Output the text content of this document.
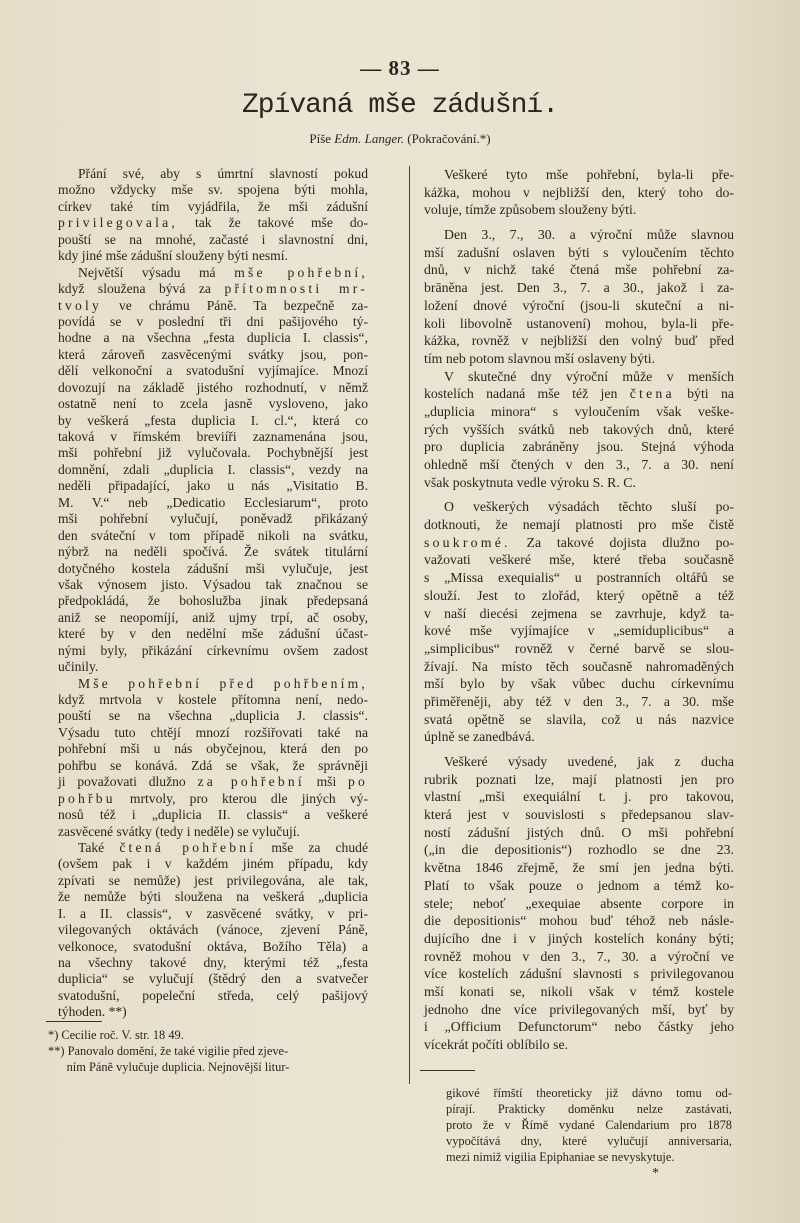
— 83 —
Zpívaná mše zádušní.
Píše Edm. Langer. (Pokračování.*)
Přání své, aby s úmrtní slavností pokud
možno vždycky mše sv. spojena býti mohla,
církev také tím vyjádřila, že mši zádušní
privilegovala, tak že takové mše do-
pouští se na mnohé, začasté i slavnostní dni,
kdy jiné mše zádušní slouženy býti nesmí.
Největší výsadu má mše pohřební,
když sloužena bývá za přítomnosti mr-
tvoly ve chrámu Páně. Ta bezpečně za-
povídá se v poslední tři dni pašijového tý-
hodne a na všechna „festa duplicia I. classis“,
která zároveň zasvěcenými svátky jsou, pon-
dělí velkonoční a svatodušní vyjímajíce. Mnozí
dovozují na základě jistého rozhodnutí, v němž
ostatně není to zcela jasně vysloveno, jako
by veškerá „festa duplicia I. cl.“, která co
taková v římském breviíři zaznamenána jsou,
mši pohřební již vylučovala. Pochybnější jest
domnění, zdali „duplicia I. classis“, vezdy na
neděli připadající, jako u nás „Visitatio B.
M. V.“ neb „Dedicatio Ecclesiarum“, proto
mši pohřební vylučují, poněvadž přikázaný
den sváteční v tom případě nikoli na svátku,
nýbrž na neděli spočívá. Že svátek titulární
dotyčného kostela zádušní mši vylučuje, jest
však výnosem jisto. Výsadou tak značnou se
předpokládá, že bohoslužba jinak předepsaná
aniž se neopomíjí, aniž ujmy trpí, ač osoby,
které by v den nedělní mše zádušní účast-
nými byly, přikázání církevnímu ovšem zadost
učinily.
Mše pohřební před pohřbením,
když mrtvola v kostele přítomna není, nedo-
pouští se na všechna „duplicia J. classis“.
Výsadu tuto chtějí mnozí rozšiřovati také na
pohřební mši u nás obyčejnou, která den po
pohřbu se konává. Zdá se však, že správněji
ji považovati dlužno za pohřební mši po
pohřbu mrtvoly, pro kterou dle jiných vý-
nosů též i „duplicia II. classis“ a veškeré
zasvěcené svátky (tedy i neděle) se vylučují.
Také čtená pohřební mše za chudé
(ovšem pak i v každém jiném případu, kdy
zpívati se nemůže) jest privilegována, ale tak,
že nemůže býti sloužena na veškerá „duplicia
I. a II. classis“, v zasvěcené svátky, v pri-
vilegovaných oktávách (vánoce, zjevení Páně,
velkonoce, svatodušní oktáva, Božího Těla) a
na všechny takové dny, kterými též „festa
duplicia“ se vylučují (štědrý den a svatvečer
svatodušní, popeleční středa, celý pašijový
týhoden. **)
Veškeré tyto mše pohřební, byla-li pře-
kážka, mohou v nejbližší den, který toho do-
voluje, tímže způsobem slouženy býti.
Den 3., 7., 30. a výroční může slavnou
mší zadušní oslaven býti s vyloučením těchto
dnů, v nichž také čtená mše pohřební za-
brāněna jest. Den 3., 7. a 30., jakož i za-
ložení dnové výroční (jsou-li skuteční a ni-
koli libovolně ustanovení) mohou, byla-li pře-
kážka, rovněž v nejbližší den volný buď před
tím neb potom slavnou mší oslaveny býti.
V skutečné dny výroční může v menších
kostelích nadaná mše též jen čtena býti na
„duplicia minora“ s vyloučením však veške-
rých vyšších svátků neb takových dnů, které
pro duplicia zabráněny jsou. Stejná výhoda
ohledně mší čtených v den 3., 7. a 30. není
však poskytnuta vedle výroku S. R. C.
O veškerých výsadách těchto sluší po-
dotknouti, že nemají platnosti pro mše čistě
soukromé. Za takové dojista dlužno po-
važovati veškeré mše, které třeba současně
s „Missa exequialis“ u postranních oltářů se
slouží. Jest to zlořád, který opětně a též
v naší diecési zejmena se zavrhuje, když ta-
kové mše vyjímajíce v „semiduplicibus“ a
„simplicibus“ rovněž v černé barvě se slou-
žívají. Na místo těch současně nahromaděných
mší bylo by však vůbec duchu církevnímu
přiměřeněji, aby též v den 3., 7. a 30. mše
svatá opětně se slavila, což u nás nazvice
úplně se zanedbává.
Veškeré výsady uvedené, jak z ducha
rubrik poznati lze, mají platnosti jen pro
vlastní „mši exequiální t. j. pro takovou,
která jest v souvislosti s předepsanou slav-
ností zádušní jistých dnů. O mši pohřební
(„in die depositionis“) rozhodlo se dne 23.
května 1846 zřejmě, že smí jen jedna býti.
Platí to však pouze o jednom a témž ko-
stele; neboť „exequiae absente corpore in
die depositionis“ mohou buď téhož neb násle-
dujícího dne i v jiných kostelích konány býti;
rovněž mohou v den 3., 7., 30. a výroční ve
více kostelích zádušní slavnosti s privilegovanou
mší konati se, nikoli však v témž kostele
jednoho dne více privilegovaných mší, byť by
i „Officium Defunctorum“ nebo částky jeho
vícekrát počíti oblíbilo se.
*) Cecilie roč. V. str. 18 49.
**) Panovalo domění, že také vigilie před zjeve-
ním Páně vylučuje duplicia. Nejnovější litur-
gikové římští theoreticky již dávno tomu od-
pírají. Prakticky doměnku nelze zastávati,
proto že v Římě vydané Calendarium pro 1878
vypočítává dny, které vylučují anniversaria,
mezi nimiž vigilia Epiphaniae se nevyskytuje.
*
